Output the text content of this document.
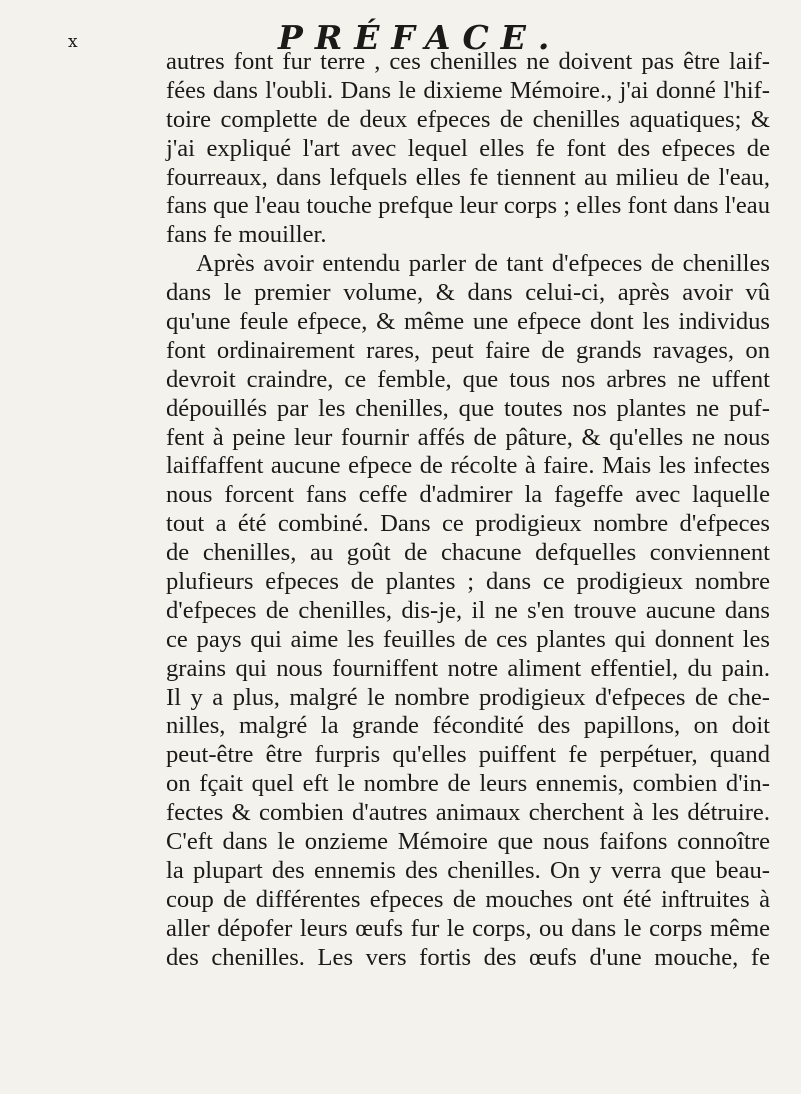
x	PRÉFACE.
autres font fur terre , ces chenilles ne doivent pas être laif-
fées dans l'oubli. Dans le dixieme Mémoire., j'ai donné l'hif-
toire complette de deux efpeces de chenilles aquatiques; &
j'ai expliqué l'art avec lequel elles fe font des efpeces de
fourreaux, dans lefquels elles fe tiennent au milieu de l'eau,
fans que l'eau touche prefque leur corps ; elles font dans l'eau
fans fe mouiller.
Après avoir entendu parler de tant d'efpeces de chenilles
dans le premier volume, & dans celui-ci, après avoir vû
qu'une feule efpece, & même une efpece dont les individus
font ordinairement rares, peut faire de grands ravages, on
devroit craindre, ce femble, que tous nos arbres ne uffent
dépouillés par les chenilles, que toutes nos plantes ne puf-
fent à peine leur fournir affés de pâture, & qu'elles ne nous
laiffaffent aucune efpece de récolte à faire. Mais les infectes
nous forcent fans ceffe d'admirer la fageffe avec laquelle
tout a été combiné. Dans ce prodigieux nombre d'efpeces
de chenilles, au goût de chacune defquelles conviennent
plufieurs efpeces de plantes ; dans ce prodigieux nombre
d'efpeces de chenilles, dis-je, il ne s'en trouve aucune dans
ce pays qui aime les feuilles de ces plantes qui donnent les
grains qui nous fourniffent notre aliment effentiel, du pain.
Il y a plus, malgré le nombre prodigieux d'efpeces de che-
nilles, malgré la grande fécondité des papillons, on doit
peut-être être furpris qu'elles puiffent fe perpétuer, quand
on fçait quel eft le nombre de leurs ennemis, combien d'in-
fectes & combien d'autres animaux cherchent à les détruire.
C'eft dans le onzieme Mémoire que nous faifons connoître
la plupart des ennemis des chenilles. On y verra que beau-
coup de différentes efpeces de mouches ont été inftruites à
aller dépofer leurs œufs fur le corps, ou dans le corps même
des chenilles. Les vers fortis des œufs d'une mouche, fe
